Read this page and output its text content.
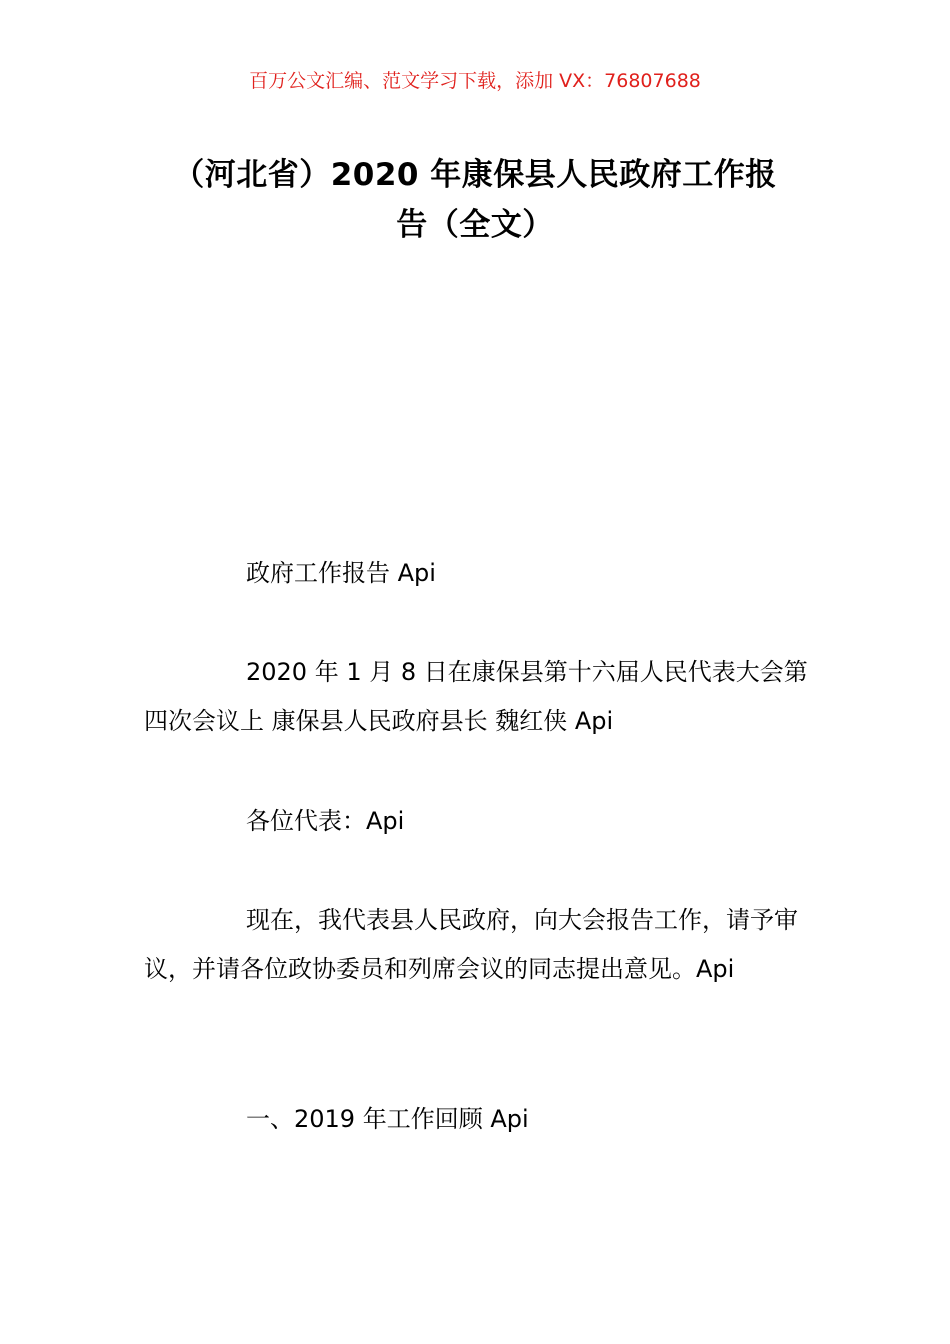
百万公文汇编、范文学习下载，添加 VX：76807688
（河北省）2020 年康保县人民政府工作报
告（全文）

政府工作报告 Api

2020 年 1 月 8 日在康保县第十六届人民代表大会第四次会议上 康保县人民政府县长 魏红侠 Api

各位代表：Api

现在，我代表县人民政府，向大会报告工作，请予审议，并请各位政协委员和列席会议的同志提出意见。Api

一、2019 年工作回顾 Api
